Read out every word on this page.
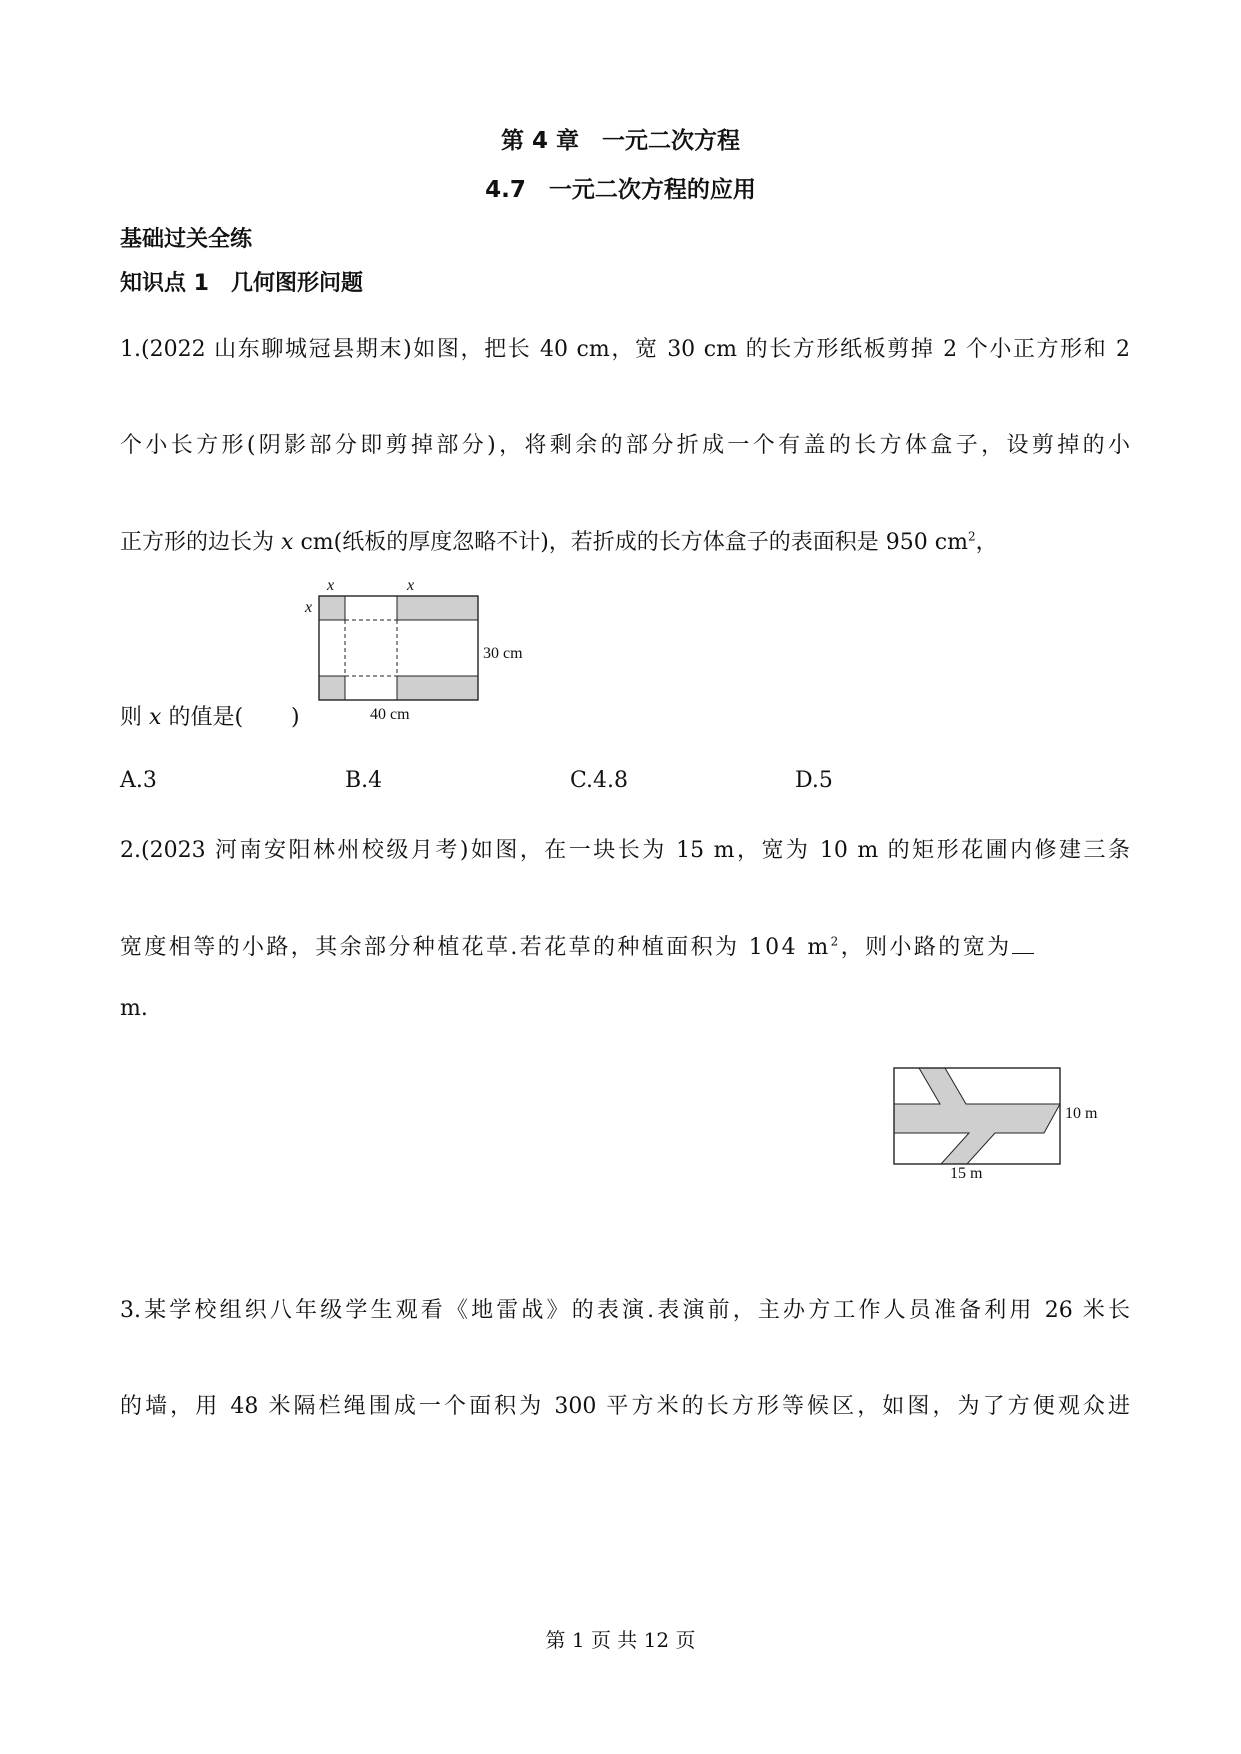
第 4 章　一元二次方程
4.7　一元二次方程的应用
基础过关全练
知识点 1　几何图形问题
1.(2022 山东聊城冠县期末)如图，把长 40 cm，宽 30 cm 的长方形纸板剪掉 2 个小正方形和 2
个小长方形(阴影部分即剪掉部分)，将剩余的部分折成一个有盖的长方体盒子，设剪掉的小
正方形的边长为 x cm(纸板的厚度忽略不计)，若折成的长方体盒子的表面积是 950 $cm^2$，
x	x
x
30 cm
40 cm
则 x 的值是( )
A.3	B.4	C.4.8	D.5
2.(2023 河南安阳林州校级月考)如图，在一块长为 15 m，宽为 10 m 的矩形花圃内修建三条
宽度相等的小路，其余部分种植花草.若花草的种植面积为 104 $m^2$，则小路的宽为
m.
10 m
15 m
3.某学校组织八年级学生观看《地雷战》的表演.表演前，主办方工作人员准备利用 26 米长
的墙，用 48 米隔栏绳围成一个面积为 300 平方米的长方形等候区，如图，为了方便观众进
第 1 页 共 12 页
